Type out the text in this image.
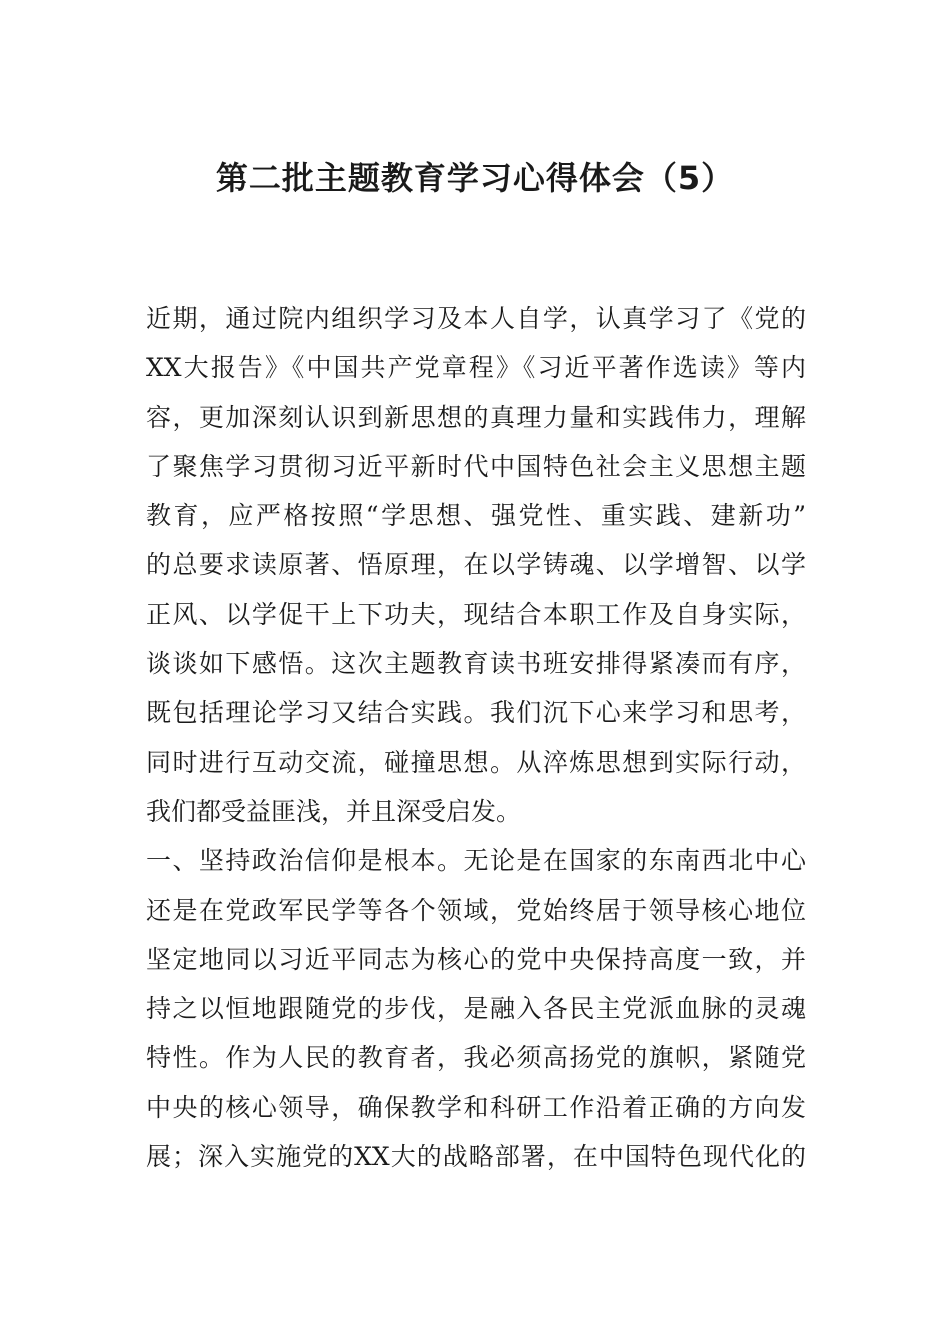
第二批主题教育学习心得体会（5）
近期，通过院内组织学习及本人自学，认真学习了《党的
XX大报告》《中国共产党章程》《习近平著作选读》等内
容，更加深刻认识到新思想的真理力量和实践伟力，理解
了聚焦学习贯彻习近平新时代中国特色社会主义思想主题
教育，应严格按照“学思想、强党性、重实践、建新功”
的总要求读原著、悟原理，在以学铸魂、以学增智、以学
正风、以学促干上下功夫，现结合本职工作及自身实际，
谈谈如下感悟。这次主题教育读书班安排得紧凑而有序，
既包括理论学习又结合实践。我们沉下心来学习和思考，
同时进行互动交流，碰撞思想。从淬炼思想到实际行动，
我们都受益匪浅，并且深受启发。
一、坚持政治信仰是根本。无论是在国家的东南西北中心
还是在党政军民学等各个领域，党始终居于领导核心地位
坚定地同以习近平同志为核心的党中央保持高度一致，并
持之以恒地跟随党的步伐，是融入各民主党派血脉的灵魂
特性。作为人民的教育者，我必须高扬党的旗帜，紧随党
中央的核心领导，确保教学和科研工作沿着正确的方向发
展；深入实施党的XX大的战略部署，在中国特色现代化的
